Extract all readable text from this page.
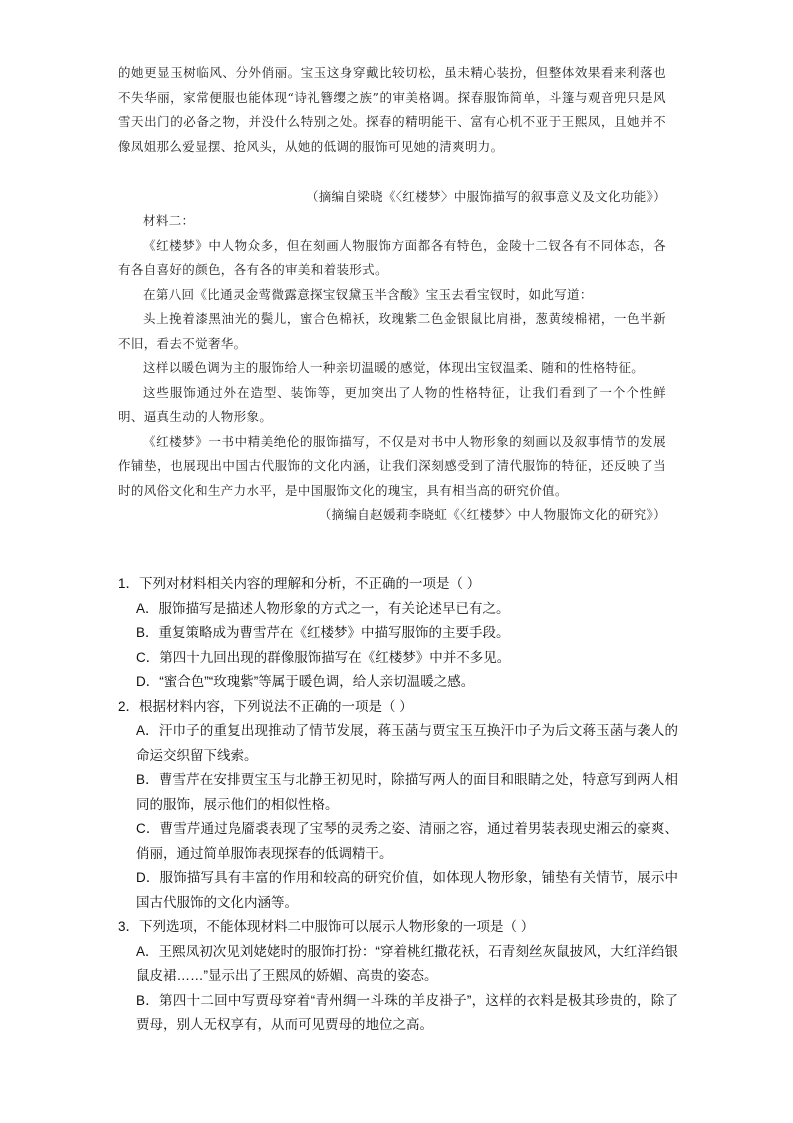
的她更显玉树临风、分外俏丽。宝玉这身穿戴比较切松，虽未精心装扮，但整体效果看来利落也不失华丽，家常便服也能体现“诗礼簪缨之族”的审美格调。探春服饰简单，斗篷与观音兜只是风雪天出门的必备之物，并没什么特别之处。探春的精明能干、富有心机不亚于王熙凤，且她并不像凤姐那么爱显摆、抢风头，从她的低调的服饰可见她的清爽明力。

（摘编自梁晓《〈红楼梦〉中服饰描写的叙事意义及文化功能》）

材料二：

《红楼梦》中人物众多，但在刻画人物服饰方面都各有特色，金陵十二钗各有不同体态，各有各自喜好的颜色，各有各的审美和着装形式。

在第八回《比通灵金莺微露意探宝钗黛玉半含酸》宝玉去看宝钗时，如此写道：

头上挽着漆黑油光的鬓儿，蜜合色棉袄，玫瑰紫二色金银鼠比肩褂，葱黄绫棉裙，一色半新不旧，看去不觉奢华。

这样以暖色调为主的服饰给人一种亲切温暖的感觉，体现出宝钗温柔、随和的性格特征。

这些服饰通过外在造型、装饰等，更加突出了人物的性格特征，让我们看到了一个个性鲜明、逼真生动的人物形象。

《红楼梦》一书中精美绝伦的服饰描写，不仅是对书中人物形象的刻画以及叙事情节的发展作铺垫，也展现出中国古代服饰的文化内涵，让我们深刻感受到了清代服饰的特征，还反映了当时的风俗文化和生产力水平，是中国服饰文化的瑰宝，具有相当高的研究价值。

（摘编自赵媛莉李晓虹《〈红楼梦〉中人物服饰文化的研究》）

1．下列对材料相关内容的理解和分析，不正确的一项是（ ）

A．服饰描写是描述人物形象的方式之一，有关论述早已有之。

B．重复策略成为曹雪芹在《红楼梦》中描写服饰的主要手段。

C．第四十九回出现的群像服饰描写在《红楼梦》中并不多见。

D．“蜜合色”“玫瑰紫”等属于暖色调，给人亲切温暖之感。

2．根据材料内容，下列说法不正确的一项是（ ）

A．汗巾子的重复出现推动了情节发展，蒋玉菡与贾宝玉互换汗巾子为后文蒋玉菡与袭人的命运交织留下线索。

B．曹雪芹在安排贾宝玉与北静王初见时，除描写两人的面目和眼睛之处，特意写到两人相同的服饰，展示他们的相似性格。

C．曹雪芹通过凫靥裘表现了宝琴的灵秀之姿、清丽之容，通过着男装表现史湘云的豪爽、俏丽，通过简单服饰表现探春的低调精干。

D．服饰描写具有丰富的作用和较高的研究价值，如体现人物形象，铺垫有关情节，展示中国古代服饰的文化内涵等。

3．下列选项，不能体现材料二中服饰可以展示人物形象的一项是（ ）

A．王熙凤初次见刘姥姥时的服饰打扮：“穿着桃红撒花袄，石青刻丝灰鼠披风，大红洋绉银鼠皮裙……”显示出了王熙凤的娇媚、高贵的姿态。

B．第四十二回中写贾母穿着“青州绸一斗珠的羊皮褂子”，这样的衣料是极其珍贵的，除了贾母，别人无权享有，从而可见贾母的地位之高。
